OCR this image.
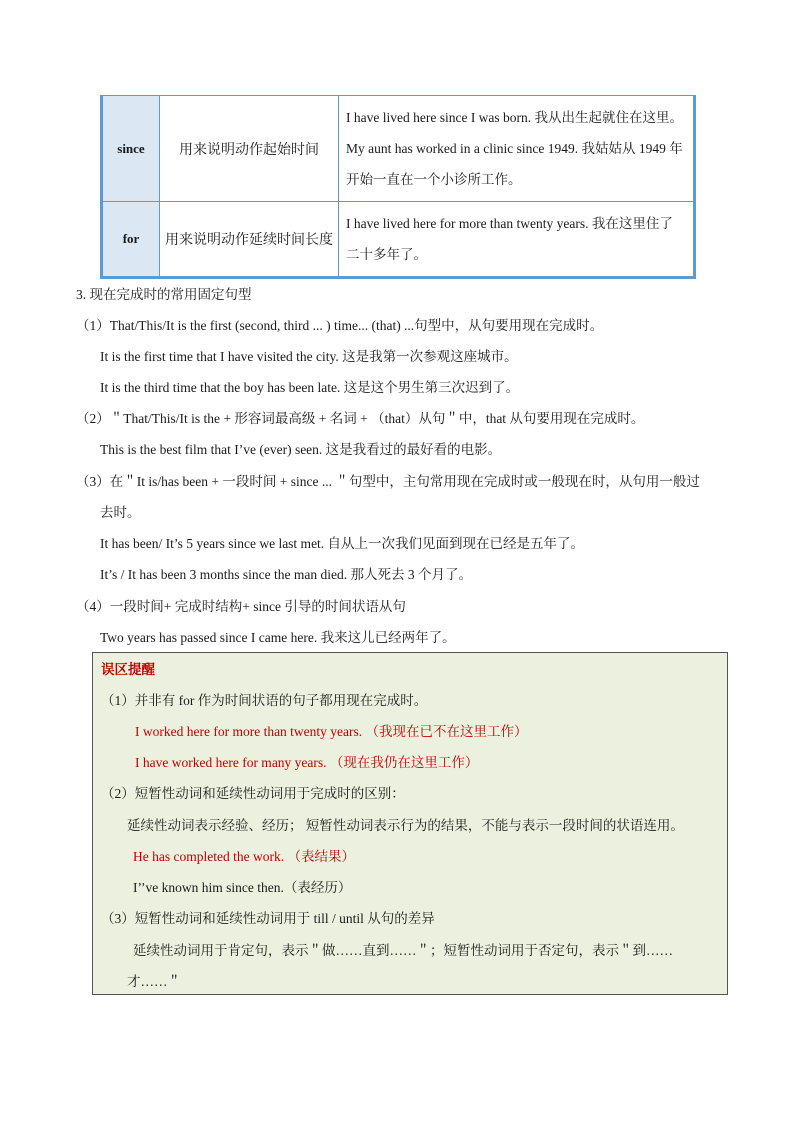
since	用来说明动作起始时间	I have lived here since I was born. 我从出生起就住在这里。
My aunt has worked in a clinic since 1949. 我姑姑从 1949 年
开始一直在一个小诊所工作。

for	用来说明动作延续时间长度	I have lived here for more than twenty years. 我在这里住了
二十多年了。
3. 现在完成时的常用固定句型
（1）That/This/It is the first (second, third ... ) time... (that) ...句型中，从句要用现在完成时。
It is the first time that I have visited the city. 这是我第一次参观这座城市。
It is the third time that the boy has been late. 这是这个男生第三次迟到了。
（2）＂That/This/It is the + 形容词最高级 + 名词 + （that）从句＂中，that 从句要用现在完成时。
This is the best film that I’ve (ever) seen. 这是我看过的最好看的电影。
（3）在＂It is/has been + 一段时间 + since ... ＂句型中，主句常用现在完成时或一般现在时，从句用一般过
去时。
It has been/ It’s 5 years since we last met. 自从上一次我们见面到现在已经是五年了。
It’s / It has been 3 months since the man died. 那人死去 3 个月了。
（4）一段时间+ 完成时结构+ since 引导的时间状语从句
Two years has passed since I came here. 我来这儿已经两年了。
误区提醒
（1）并非有 for 作为时间状语的句子都用现在完成时。
I worked here for more than twenty years. （我现在已不在这里工作）
I have worked here for many years. （现在我仍在这里工作）
（2）短暂性动词和延续性动词用于完成时的区别：
延续性动词表示经验、经历； 短暂性动词表示行为的结果，不能与表示一段时间的状语连用。
He has completed the work. （表结果）
I’’ve known him since then.（表经历）
（3）短暂性动词和延续性动词用于 till / until 从句的差异
延续性动词用于肯定句，表示＂做……直到……＂；短暂性动词用于否定句，表示＂到……
才……＂
